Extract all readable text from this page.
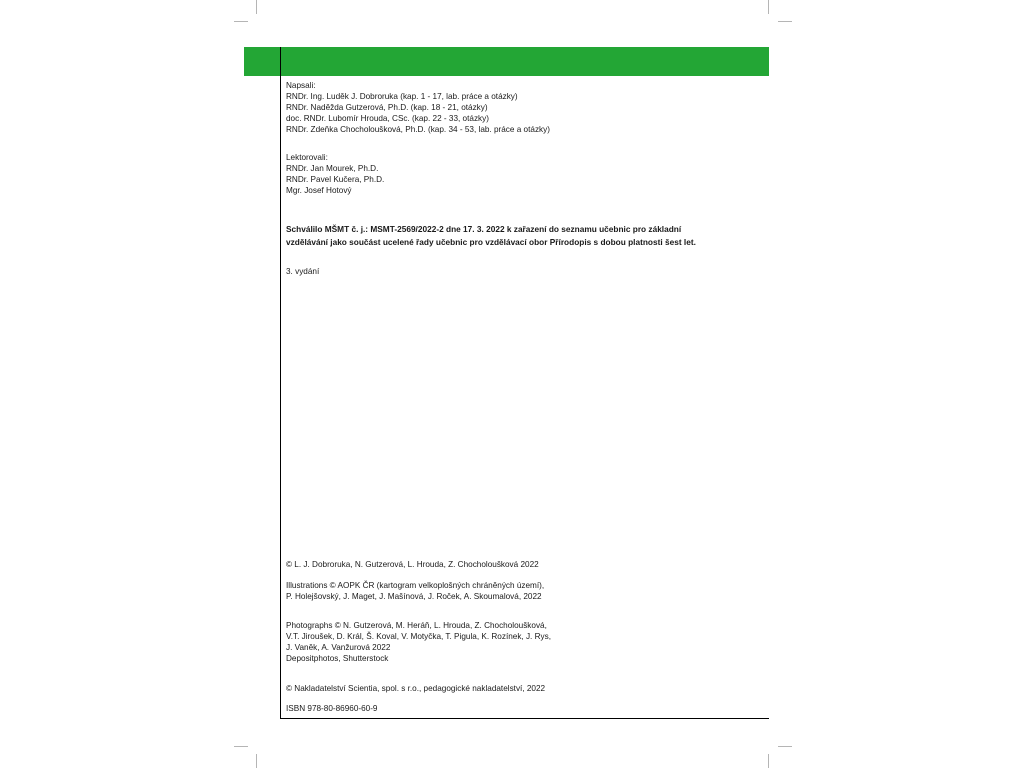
Napsali:
RNDr. Ing. Luděk J. Dobroruka (kap. 1 - 17, lab. práce a otázky)
RNDr. Naděžda Gutzerová, Ph.D. (kap. 18 - 21, otázky)
doc. RNDr. Lubomír Hrouda, CSc. (kap. 22 - 33, otázky)
RNDr. Zdeňka Chocholoušková, Ph.D. (kap. 34 - 53, lab. práce a otázky)
Lektorovali:
RNDr. Jan Mourek, Ph.D.
RNDr. Pavel Kučera, Ph.D.
Mgr. Josef Hotový
Schválilo MŠMT č. j.: MSMT-2569/2022-2 dne 17. 3. 2022 k zařazení do seznamu učebnic pro základní
vzdělávání jako součást ucelené řady učebnic pro vzdělávací obor Přírodopis s dobou platnosti šest let.
3. vydání
© L. J. Dobroruka, N. Gutzerová, L. Hrouda, Z. Chocholoušková 2022
Illustrations © AOPK ČR (kartogram velkoplošných chráněných území),
P. Holejšovský, J. Maget, J. Mašínová, J. Roček, A. Skoumalová, 2022
Photographs © N. Gutzerová, M. Heráň, L. Hrouda, Z. Chocholoušková,
V.T. Jiroušek, D. Král, Š. Koval, V. Motyčka, T. Pigula, K. Rozínek, J. Rys,
J. Vaněk, A. Vanžurová 2022
Depositphotos, Shutterstock
© Nakladatelství Scientia, spol. s r.o., pedagogické nakladatelství, 2022
ISBN 978-80-86960-60-9
